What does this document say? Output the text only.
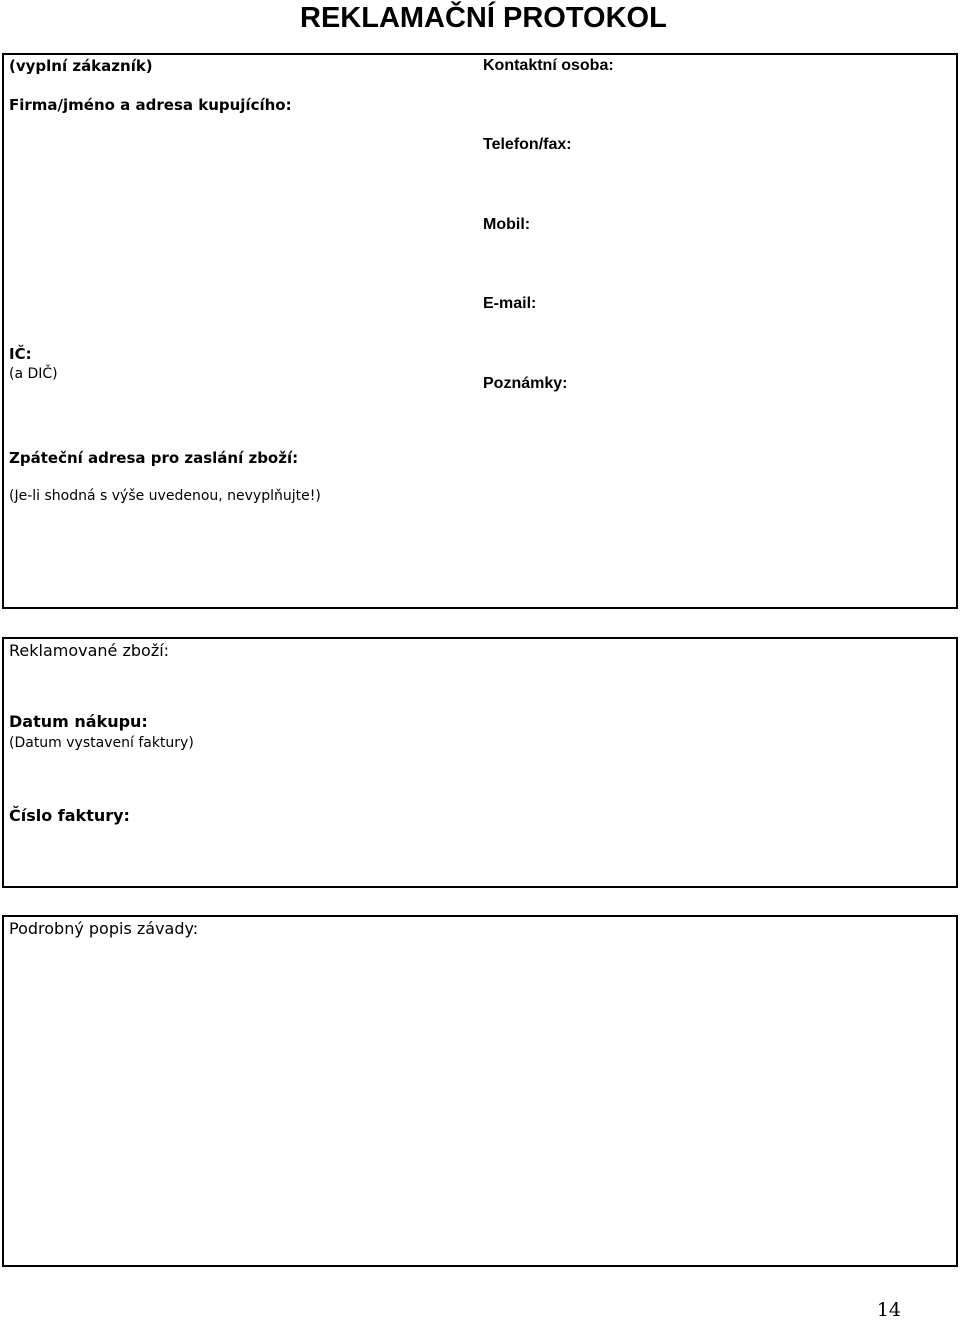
REKLAMAČNÍ PROTOKOL
(vyplní zákazník)
Firma/jméno a adresa kupujícího:
IČ:
(a DIČ)
Kontaktní osoba:
Telefon/fax:
Mobil:
E-mail:
Poznámky:
Zpáteční adresa pro zaslání zboží:
(Je-li shodná s výše uvedenou, nevyplňujte!)
Reklamované zboží:
Datum nákupu:
(Datum vystavení faktury)
Číslo faktury:
Podrobný popis závady:
14
